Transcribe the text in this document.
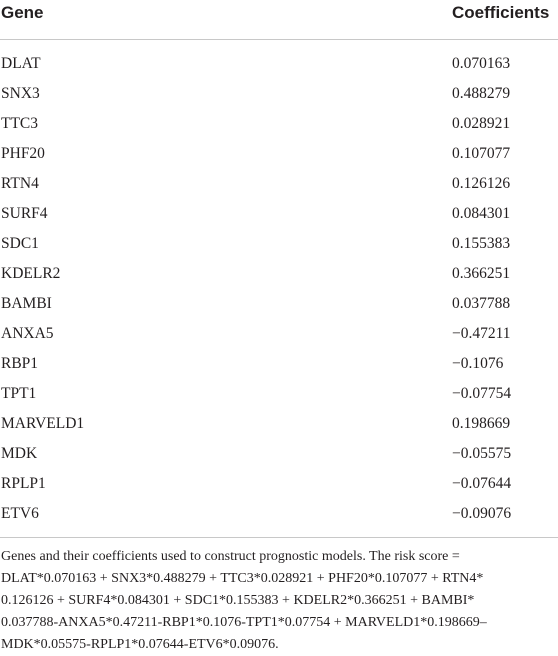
Gene	Coefficients
DLAT	0.070163
SNX3	0.488279
TTC3	0.028921
PHF20	0.107077
RTN4	0.126126
SURF4	0.084301
SDC1	0.155383
KDELR2	0.366251
BAMBI	0.037788
ANXA5	−0.47211
RBP1	−0.1076
TPT1	−0.07754
MARVELD1	0.198669
MDK	−0.05575
RPLP1	−0.07644
ETV6	−0.09076
Genes and their coefficients used to construct prognostic models. The risk score =
DLAT*0.070163 + SNX3*0.488279 + TTC3*0.028921 + PHF20*0.107077 + RTN4*
0.126126 + SURF4*0.084301 + SDC1*0.155383 + KDELR2*0.366251 + BAMBI*
0.037788-ANXA5*0.47211-RBP1*0.1076-TPT1*0.07754 + MARVELD1*0.198669–
MDK*0.05575-RPLP1*0.07644-ETV6*0.09076.
